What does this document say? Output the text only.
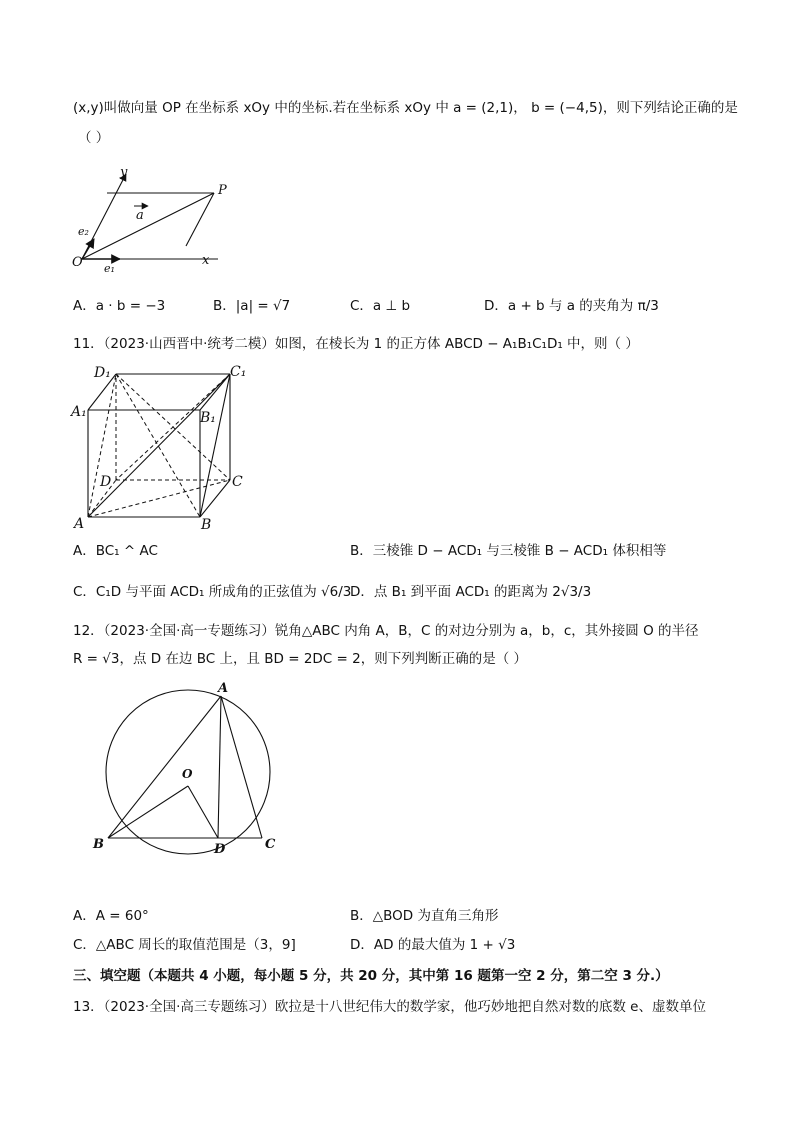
(x,y)叫做向量 OP 在坐标系 xOy 中的坐标.若在坐标系 xOy 中 a = (2,1)， b = (−4,5)，则下列结论正确的是
（ ）
y
P
a
e₂
O e₁
x
A．a · b = −3	B．|a| = √7	C．a ⊥ b	D．a + b 与 a 的夹角为 π/3
11．（2023·山西晋中·统考二模）如图，在棱长为 1 的正方体 ABCD − A₁B₁C₁D₁ 中，则（ ）
D₁	C₁
A₁	B₁
D	C
A	B
A．BC₁ ^ AC	B．三棱锥 D − ACD₁ 与三棱锥 B − ACD₁ 体积相等
C．C₁D 与平面 ACD₁ 所成角的正弦值为 √6/3
D．点 B₁ 到平面 ACD₁ 的距离为 2√3/3
12．（2023·全国·高一专题练习）锐角△ABC 内角 A，B，C 的对边分别为 a，b，c，其外接圆 O 的半径
R = √3，点 D 在边 BC 上，且 BD = 2DC = 2，则下列判断正确的是（ ）
A
O
B	D	C
A．A = 60°	B．△BOD 为直角三角形
C．△ABC 周长的取值范围是（3，9]	D．AD 的最大值为 1 + √3
三、填空题（本题共 4 小题，每小题 5 分，共 20 分，其中第 16 题第一空 2 分，第二空 3 分.）
13．（2023·全国·高三专题练习）欧拉是十八世纪伟大的数学家，他巧妙地把自然对数的底数 e、虚数单位
